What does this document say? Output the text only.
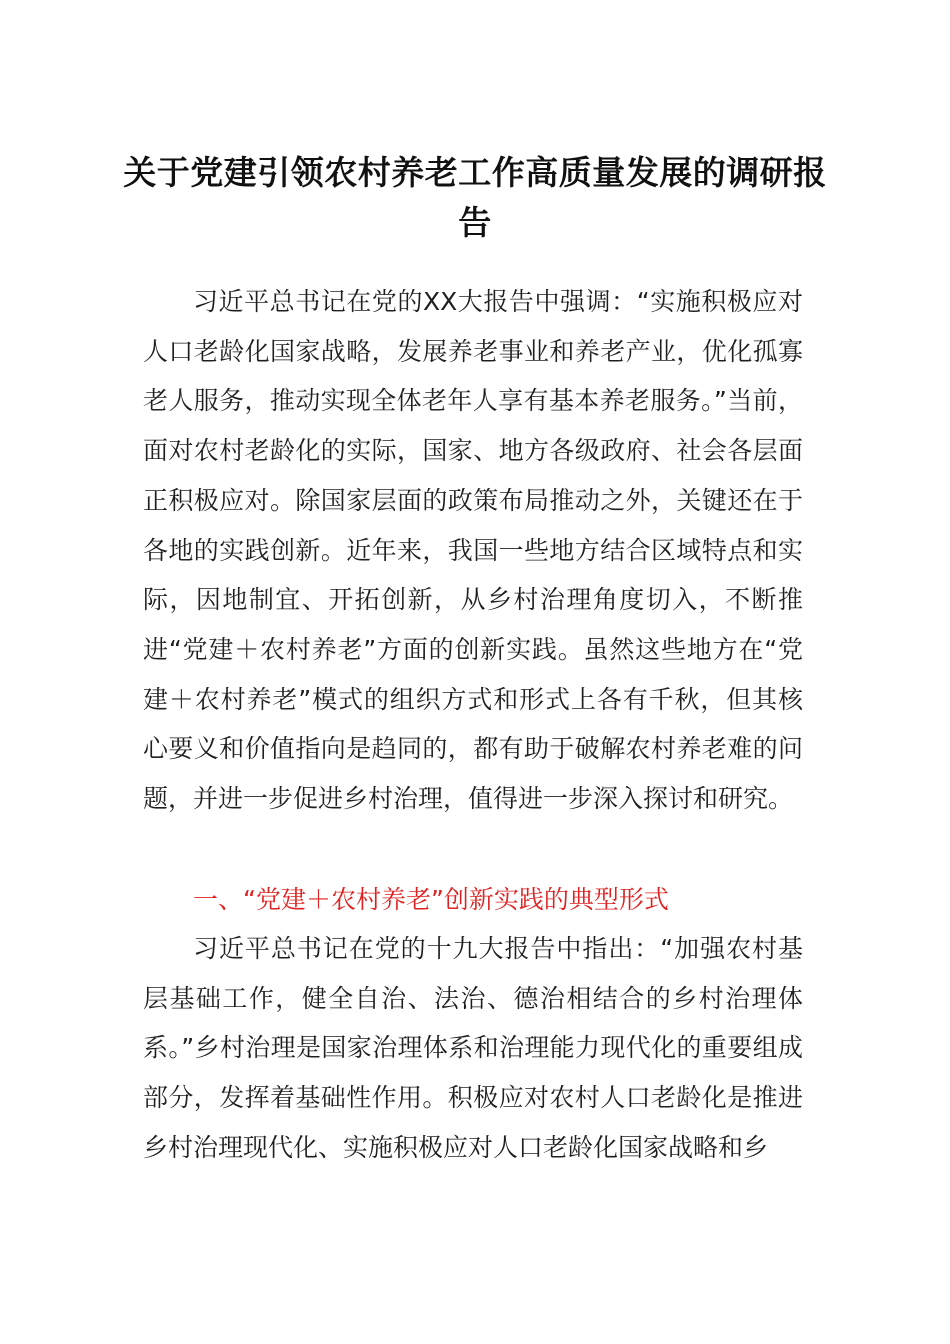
关于党建引领农村养老工作高质量发展的调研报告

习近平总书记在党的XX大报告中强调：“实施积极应对人口老龄化国家战略，发展养老事业和养老产业，优化孤寡老人服务，推动实现全体老年人享有基本养老服务。”当前，面对农村老龄化的实际，国家、地方各级政府、社会各层面正积极应对。除国家层面的政策布局推动之外，关键还在于各地的实践创新。近年来，我国一些地方结合区域特点和实际，因地制宜、开拓创新，从乡村治理角度切入，不断推进“党建＋农村养老”方面的创新实践。虽然这些地方在“党建＋农村养老”模式的组织方式和形式上各有千秋，但其核心要义和价值指向是趋同的，都有助于破解农村养老难的问题，并进一步促进乡村治理，值得进一步深入探讨和研究。

一、“党建＋农村养老”创新实践的典型形式

习近平总书记在党的十九大报告中指出：“加强农村基层基础工作，健全自治、法治、德治相结合的乡村治理体系。”乡村治理是国家治理体系和治理能力现代化的重要组成部分，发挥着基础性作用。积极应对农村人口老龄化是推进乡村治理现代化、实施积极应对人口老龄化国家战略和乡
